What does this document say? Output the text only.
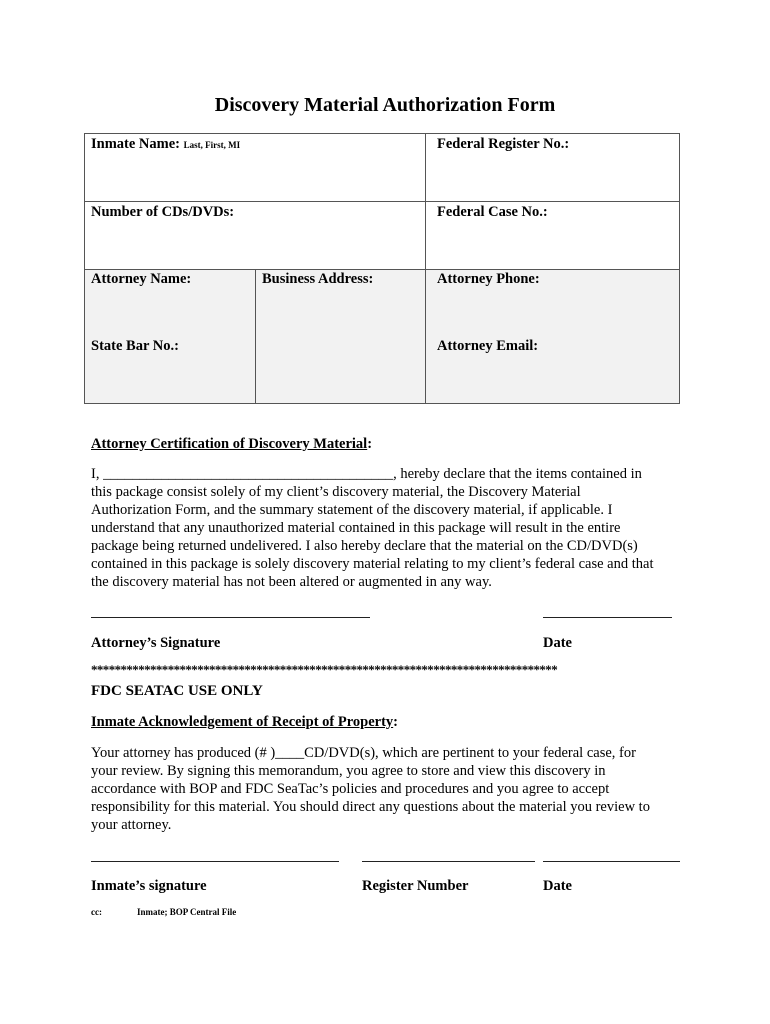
Discovery Material Authorization Form
Inmate Name: Last, First, MI	Federal Register No.:
Number of CDs/DVDs:	Federal Case No.:
Attorney Name:	Business Address:	Attorney Phone:
State Bar No.:	Attorney Email:
Attorney Certification of Discovery Material:
I, ________________________________________, hereby declare that the items contained in
this package consist solely of my client’s discovery material, the Discovery Material
Authorization Form, and the summary statement of the discovery material, if applicable. I
understand that any unauthorized material contained in this package will result in the entire
package being returned undelivered. I also hereby declare that the material on the CD/DVD(s)
contained in this package is solely discovery material relating to my client’s federal case and that
the discovery material has not been altered or augmented in any way.
Attorney’s Signature	Date
*******************************************************************************
FDC SEATAC USE ONLY
Inmate Acknowledgement of Receipt of Property:
Your attorney has produced (# )____CD/DVD(s), which are pertinent to your federal case, for
your review. By signing this memorandum, you agree to store and view this discovery in
accordance with BOP and FDC SeaTac’s policies and procedures and you agree to accept
responsibility for this material. You should direct any questions about the material you review to
your attorney.
Inmate’s signature	Register Number	Date
cc:	Inmate; BOP Central File
